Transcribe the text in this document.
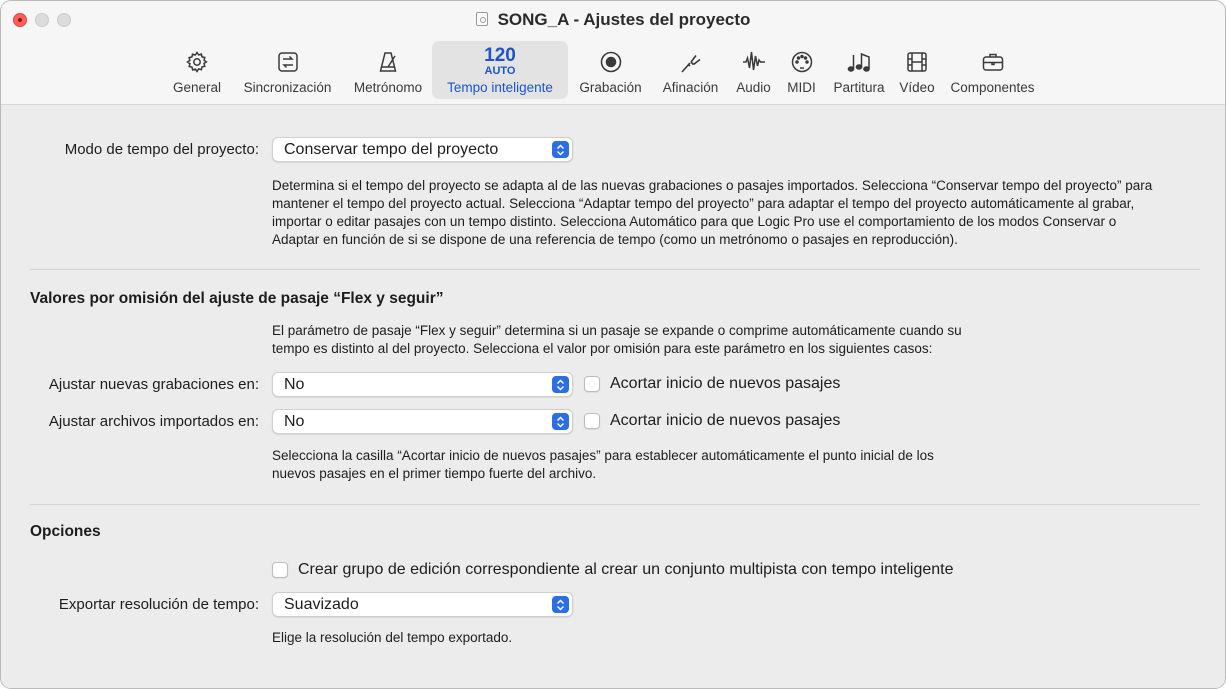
SONG_A - Ajustes del proyecto
General Sincronización Metrónomo
120
AUTO
Tempo inteligente Grabación Afinación Audio MIDI Partitura Vídeo Componentes
Modo de tempo del proyecto:	Conservar tempo del proyecto
Determina si el tempo del proyecto se adapta al de las nuevas grabaciones o pasajes importados. Selecciona “Conservar tempo del proyecto” para
mantener el tempo del proyecto actual. Selecciona “Adaptar tempo del proyecto” para adaptar el tempo del proyecto automáticamente al grabar,
importar o editar pasajes con un tempo distinto. Selecciona Automático para que Logic Pro use el comportamiento de los modos Conservar o
Adaptar en función de si se dispone de una referencia de tempo (como un metrónomo o pasajes en reproducción).
Valores por omisión del ajuste de pasaje “Flex y seguir”
El parámetro de pasaje “Flex y seguir” determina si un pasaje se expande o comprime automáticamente cuando su
tempo es distinto al del proyecto. Selecciona el valor por omisión para este parámetro en los siguientes casos:
Ajustar nuevas grabaciones en:	No	Acortar inicio de nuevos pasajes
Ajustar archivos importados en:	No	Acortar inicio de nuevos pasajes
Selecciona la casilla “Acortar inicio de nuevos pasajes” para establecer automáticamente el punto inicial de los
nuevos pasajes en el primer tiempo fuerte del archivo.
Opciones
Crear grupo de edición correspondiente al crear un conjunto multipista con tempo inteligente
Exportar resolución de tempo:	Suavizado
Elige la resolución del tempo exportado.
